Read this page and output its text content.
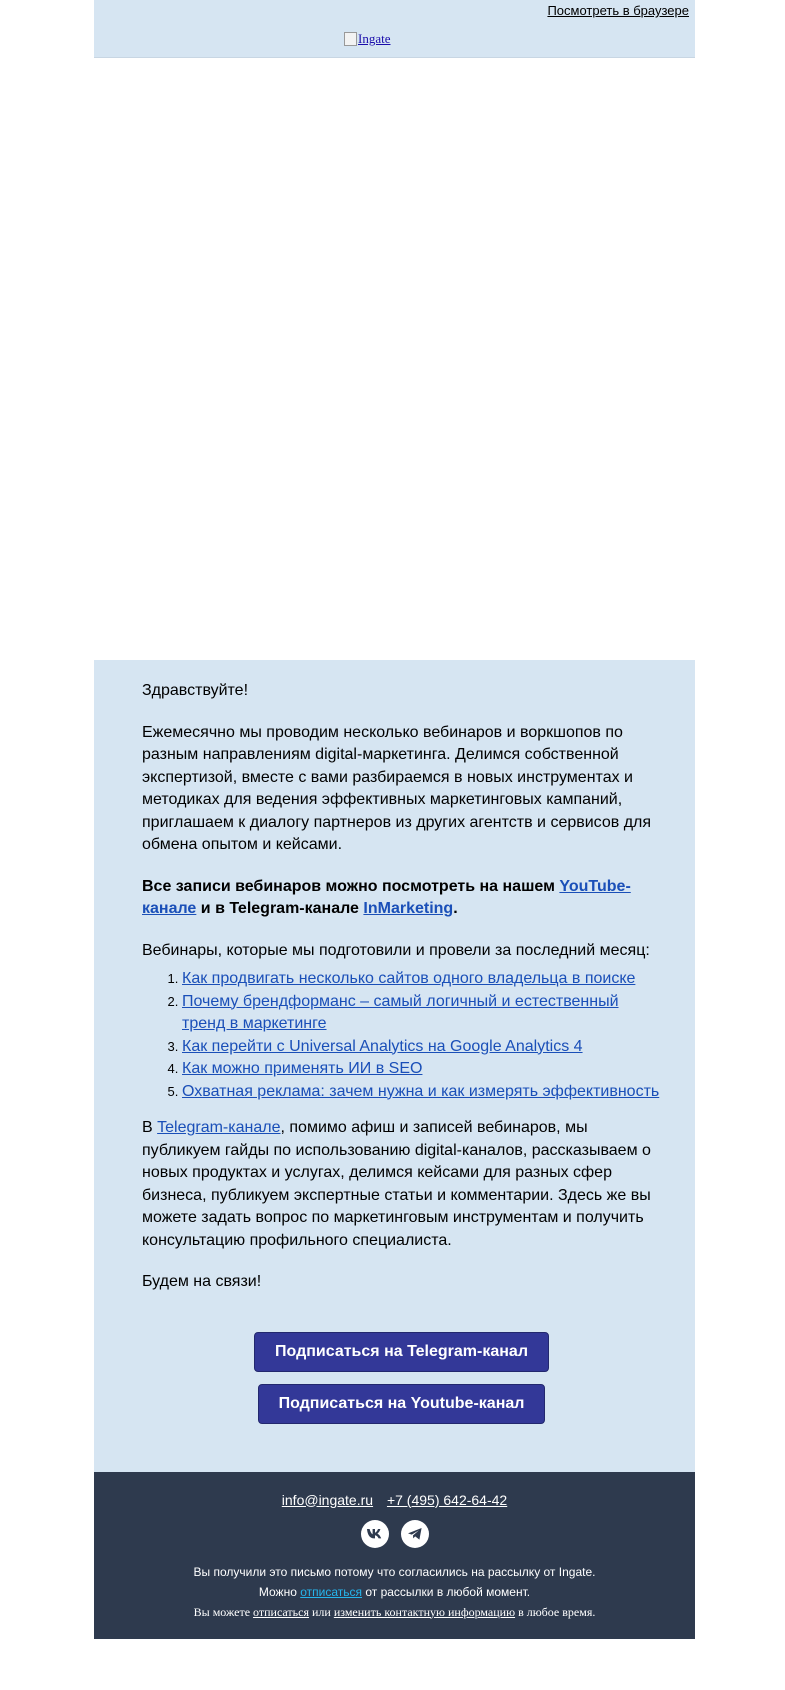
Посмотреть в браузере
Ingate

Здравствуйте!

Ежемесячно мы проводим несколько вебинаров и воркшопов по разным направлениям digital-маркетинга. Делимся собственной экспертизой, вместе с вами разбираемся в новых инструментах и методиках для ведения эффективных маркетинговых кампаний, приглашаем к диалогу партнеров из других агентств и сервисов для обмена опытом и кейсами.

Все записи вебинаров можно посмотреть на нашем YouTube-канале и в Telegram-канале InMarketing.

Вебинары, которые мы подготовили и провели за последний месяц:

1. Как продвигать несколько сайтов одного владельца в поиске
2. Почему брендформанс – самый логичный и естественный тренд в маркетинге
3. Как перейти с Universal Analytics на Google Analytics 4
4. Как можно применять ИИ в SEO
5. Охватная реклама: зачем нужна и как измерять эффективность

В Telegram-канале, помимо афиш и записей вебинаров, мы публикуем гайды по использованию digital-каналов, рассказываем о новых продуктах и услугах, делимся кейсами для разных сфер бизнеса, публикуем экспертные статьи и комментарии. Здесь же вы можете задать вопрос по маркетинговым инструментам и получить консультацию профильного специалиста.

Будем на связи!

Подписаться на Telegram-канал
Подписаться на Youtube-канал
info@ingate.ru +7 (495) 642-64-42
Вы получили это письмо потому что согласились на рассылку от Ingate.
Можно отписаться от рассылки в любой момент.
Вы можете отписаться или изменить контактную информацию в любое время.
